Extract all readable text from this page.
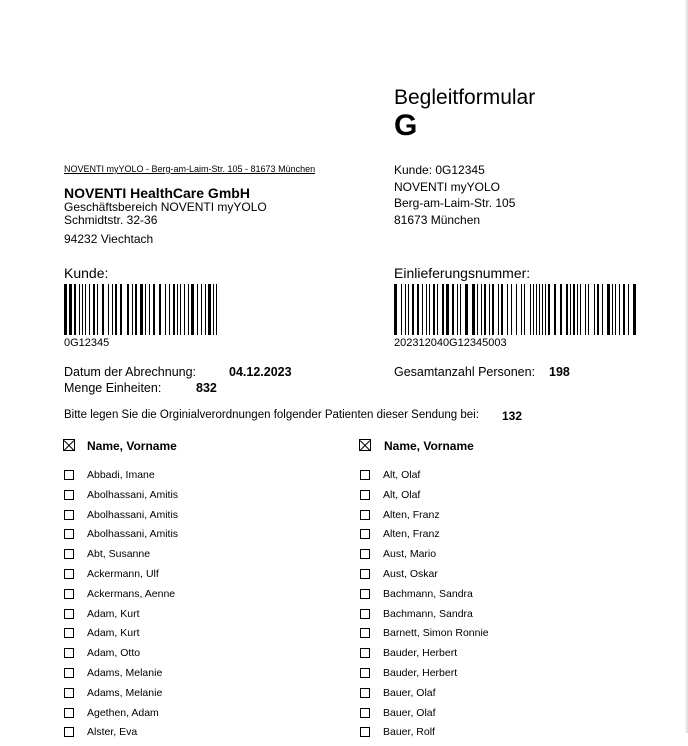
Begleitformular
G
NOVENTI myYOLO - Berg-am-Laim-Str. 105 - 81673 München
NOVENTI HealthCare GmbH
Geschäftsbereich NOVENTI myYOLO
Schmidtstr. 32-36
94232 Viechtach
Kunde: 0G12345
NOVENTI myYOLO
Berg-am-Laim-Str. 105
81673 München
Kunde:
0G12345
Einlieferungsnummer:
202312040G12345003
Datum der Abrechnung:	04.12.2023
Menge Einheiten:	832
Gesamtanzahl Personen: 198
Bitte legen Sie die Orginialverordnungen folgender Patienten dieser Sendung bei: 132
Name, Vorname	Name, Vorname
Abbadi, Imane
Abolhassani, Amitis
Abolhassani, Amitis
Abolhassani, Amitis
Abt, Susanne
Ackermann, Ulf
Ackermans, Aenne
Adam, Kurt
Adam, Kurt
Adam, Otto
Adams, Melanie
Adams, Melanie
Agethen, Adam
Alster, Eva
Alt, Olaf
Alt, Olaf
Alten, Franz
Alten, Franz
Aust, Mario
Aust, Oskar
Bachmann, Sandra
Bachmann, Sandra
Barnett, Simon Ronnie
Bauder, Herbert
Bauder, Herbert
Bauer, Olaf
Bauer, Olaf
Bauer, Rolf
